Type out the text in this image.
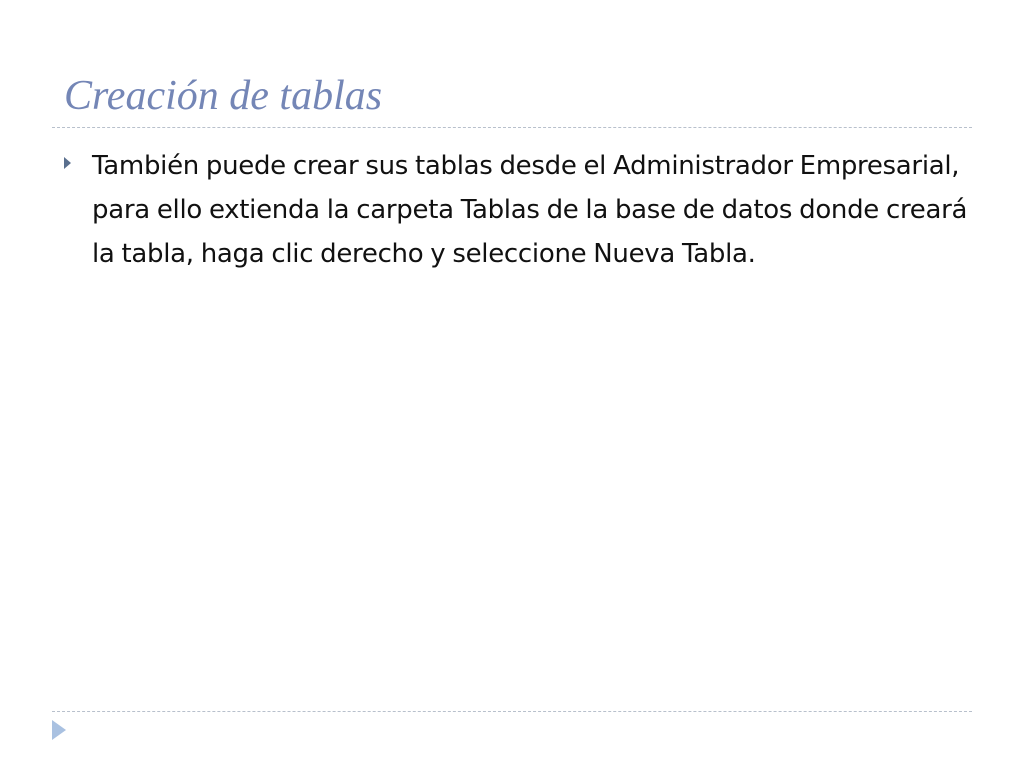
Creación de tablas

También puede crear sus tablas desde el Administrador Empresarial, para ello extienda la carpeta Tablas de la base de datos donde creará la tabla, haga clic derecho y seleccione Nueva Tabla.
